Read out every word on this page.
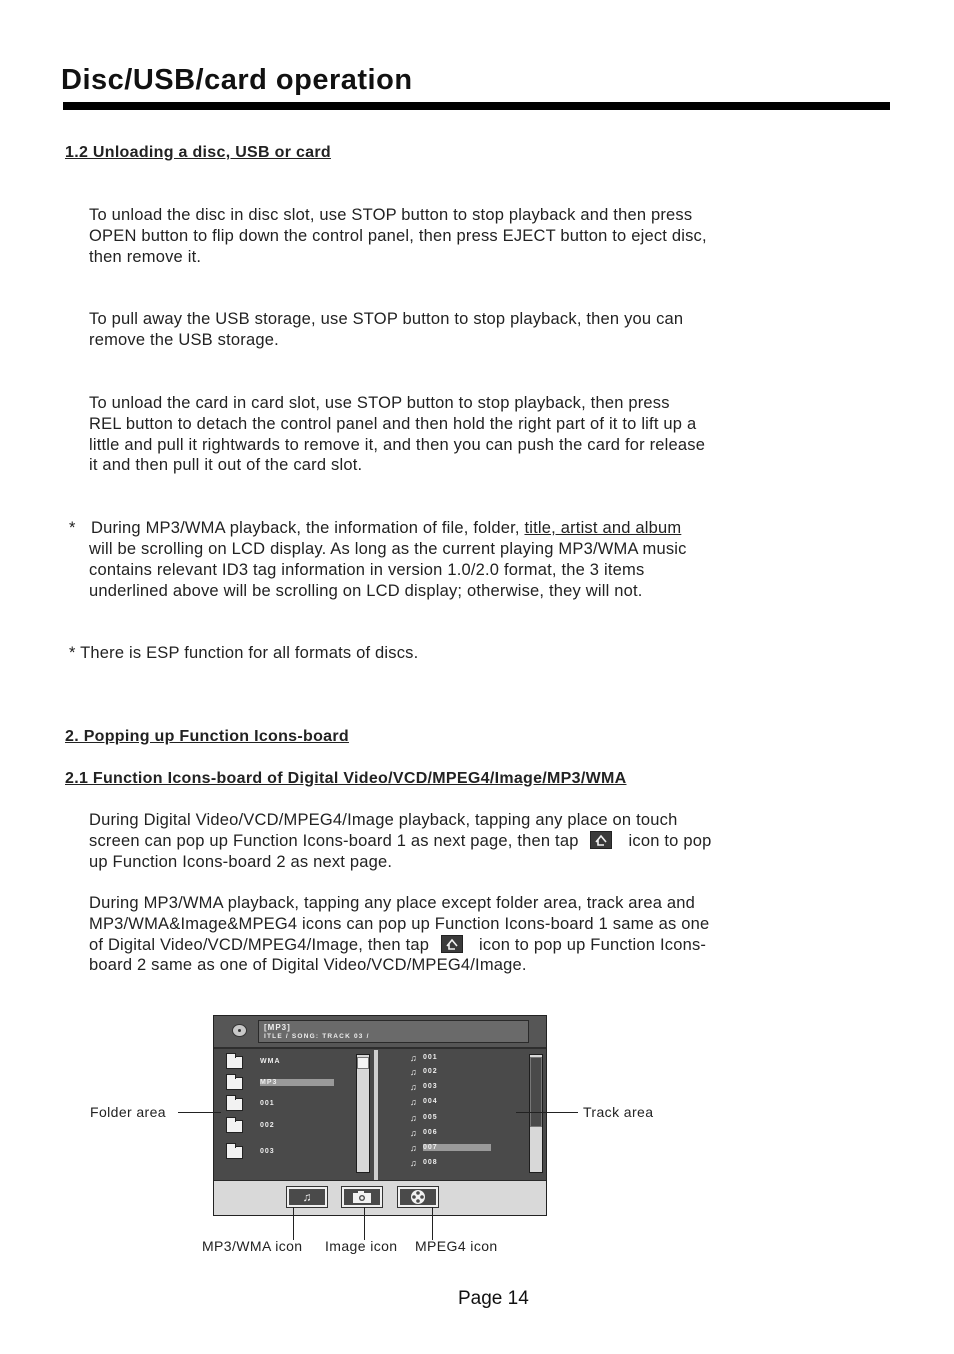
Disc/USB/card operation
1.2 Unloading a disc, USB or card
To unload the disc in disc slot, use STOP button to stop playback and then press
OPEN button to flip down the control panel, then press EJECT button to eject disc,
then remove it.
To pull away the USB storage, use STOP button to stop playback, then you can
remove the USB storage.
To unload the card in card slot, use STOP button to stop playback, then press
REL button to detach the control panel and then hold the right part of it to lift up a
little and pull it rightwards to remove it, and then you can push the card for release
it and then pull it out of the card slot.
* During MP3/WMA playback, the information of file, folder, title, artist and album
will be scrolling on LCD display. As long as the current playing MP3/WMA music
contains relevant ID3 tag information in version 1.0/2.0 format, the 3 items
underlined above will be scrolling on LCD display; otherwise, they will not.
* There is ESP function for all formats of discs.
2. Popping up Function Icons-board
2.1 Function Icons-board of Digital Video/VCD/MPEG4/Image/MP3/WMA
During Digital Video/VCD/MPEG4/Image playback, tapping any place on touch
screen can pop up Function Icons-board 1 as next page, then tap	icon to pop
up Function Icons-board 2 as next page.
During MP3/WMA playback, tapping any place except folder area, track area and
MP3/WMA&Image&MPEG4 icons can pop up Function Icons-board 1 same as one
of Digital Video/VCD/MPEG4/Image, then tap	icon to pop up Function Icons-
board 2 same as one of Digital Video/VCD/MPEG4/Image.
[MP3]
ITLE / SONG: TRACK 03 /
WMA
MP3
001
002
003
♫ 001
♫ 002
♫ 003
♫ 004
♫ 005
♫ 006
♫ 007
♫ 008
♫
Folder area	Track area
MP3/WMA icon Image icon MPEG4 icon
Page 14
